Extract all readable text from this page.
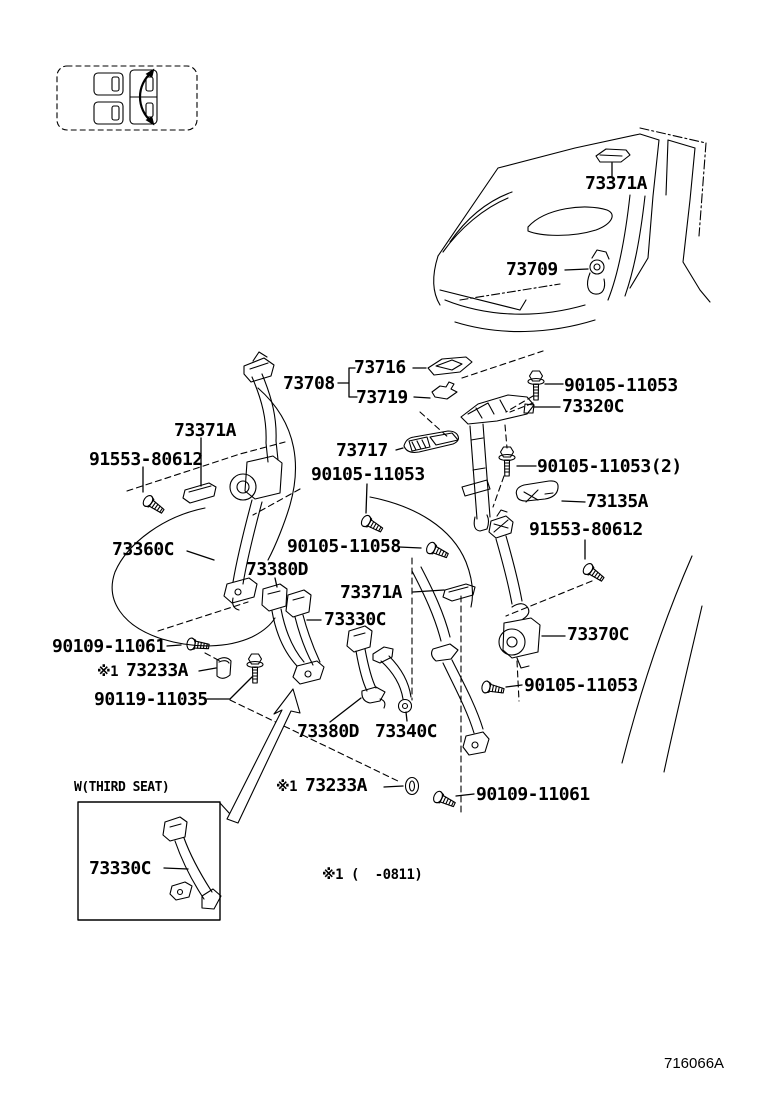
73371A
73709
73716
73708
73719
90105-11053
73320C
73371A
91553-80612	73717
90105-11053	90105-11053(2)
73135A
91553-80612
73360C	90105-11058
73380D
73371A
73330C
73370C
90109-11061
※1 73233A
90119-11035
90105-11053
73380D 73340C
W(THIRD SEAT)
73330C
※1 73233A	90109-11061
※1 (  -0811)
716066A
